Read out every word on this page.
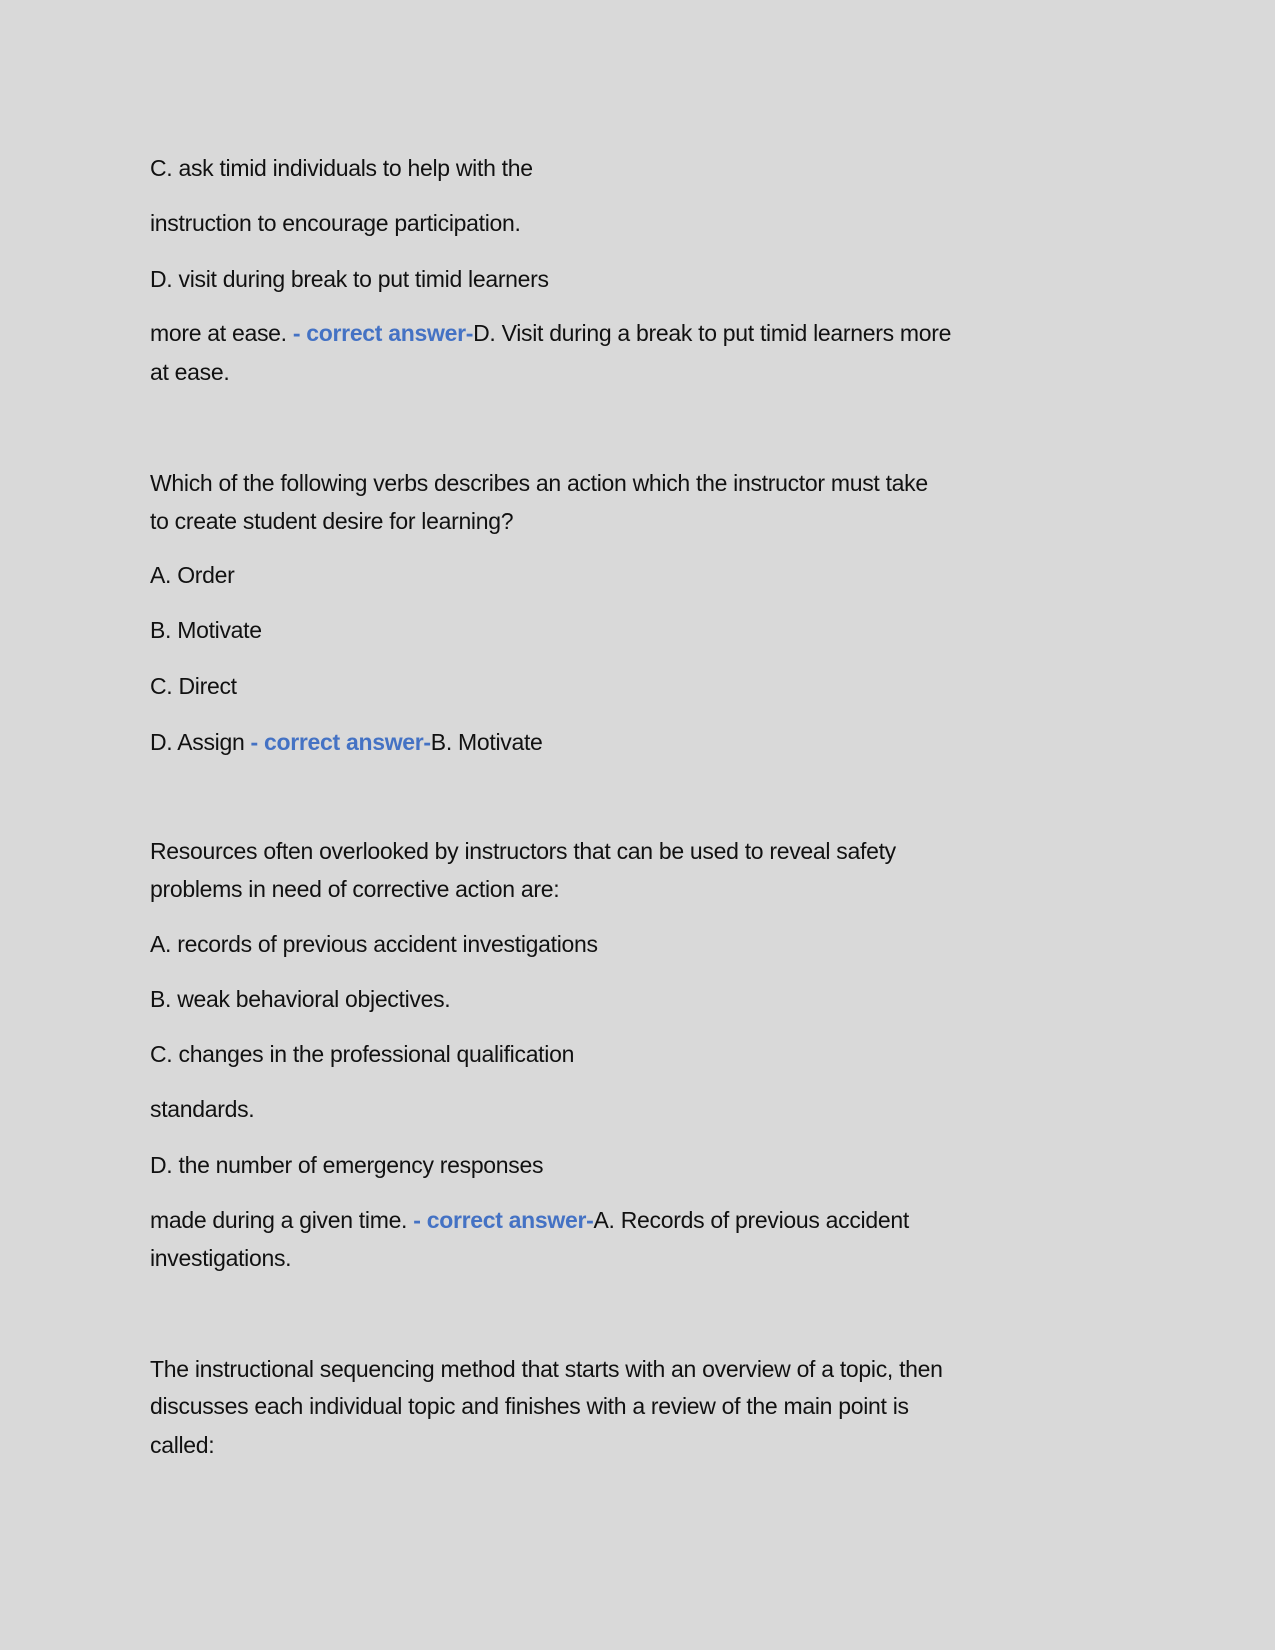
C. ask timid individuals to help with the
instruction to encourage participation.
D. visit during break to put timid learners
more at ease. - correct answer-D. Visit during a break to put timid learners more
at ease.
Which of the following verbs describes an action which the instructor must take
to create student desire for learning?
A. Order
B. Motivate
C. Direct
D. Assign - correct answer-B. Motivate
Resources often overlooked by instructors that can be used to reveal safety
problems in need of corrective action are:
A. records of previous accident investigations
B. weak behavioral objectives.
C. changes in the professional qualification
standards.
D. the number of emergency responses
made during a given time. - correct answer-A. Records of previous accident
investigations.
The instructional sequencing method that starts with an overview of a topic, then
discusses each individual topic and finishes with a review of the main point is
called:
